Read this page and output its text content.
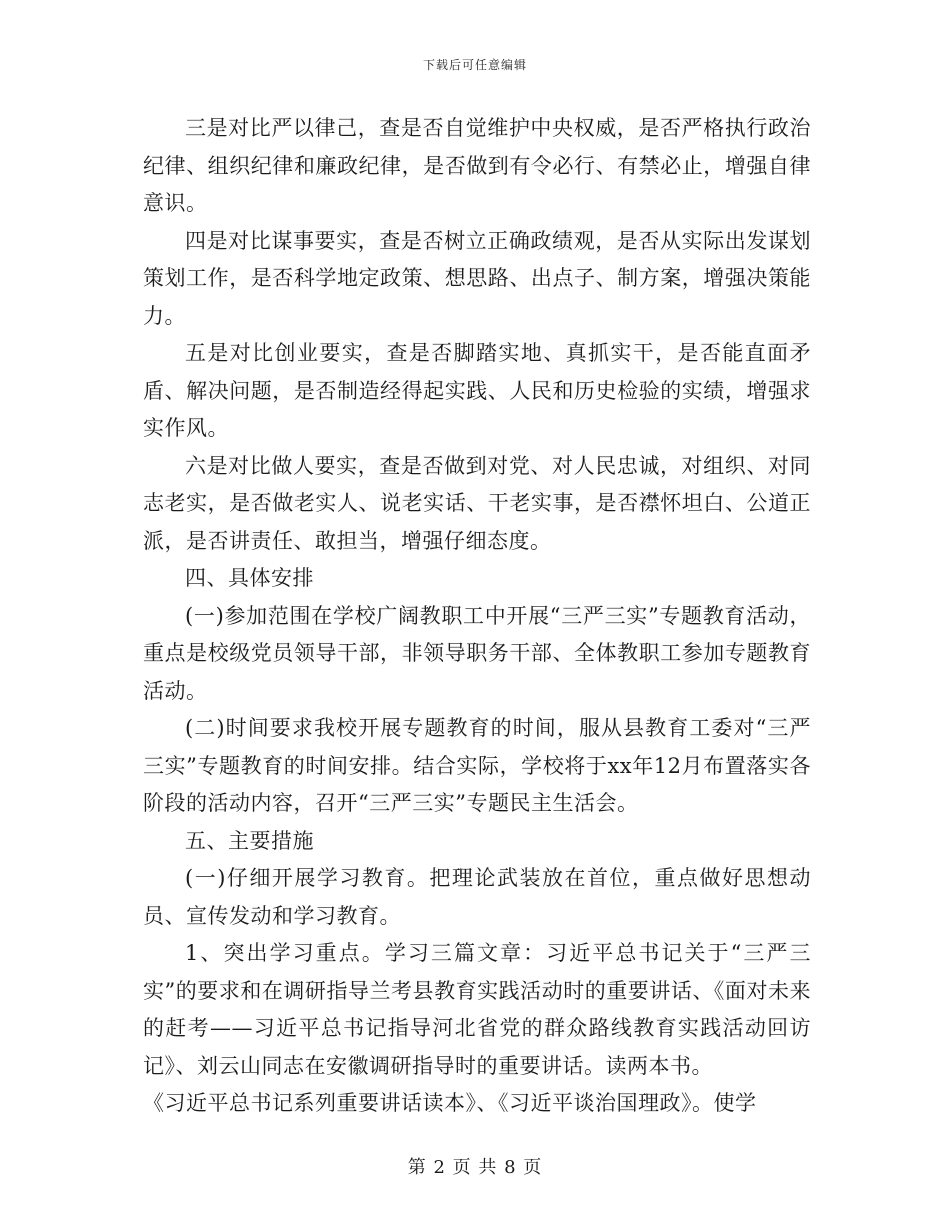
下载后可任意编辑

三是对比严以律己，查是否自觉维护中央权威，是否严格执行政治纪律、组织纪律和廉政纪律，是否做到有令必行、有禁必止，增强自律意识。

四是对比谋事要实，查是否树立正确政绩观，是否从实际出发谋划策划工作，是否科学地定政策、想思路、出点子、制方案，增强决策能力。

五是对比创业要实，查是否脚踏实地、真抓实干，是否能直面矛盾、解决问题，是否制造经得起实践、人民和历史检验的实绩，增强求实作风。

六是对比做人要实，查是否做到对党、对人民忠诚，对组织、对同志老实，是否做老实人、说老实话、干老实事，是否襟怀坦白、公道正派，是否讲责任、敢担当，增强仔细态度。

四、具体安排

(一)参加范围在学校广阔教职工中开展“三严三实”专题教育活动，重点是校级党员领导干部，非领导职务干部、全体教职工参加专题教育活动。

(二)时间要求我校开展专题教育的时间，服从县教育工委对“三严三实”专题教育的时间安排。结合实际，学校将于xx年12月布置落实各阶段的活动内容，召开“三严三实”专题民主生活会。

五、主要措施

(一)仔细开展学习教育。把理论武装放在首位，重点做好思想动员、宣传发动和学习教育。

1、突出学习重点。学习三篇文章：习近平总书记关于“三严三实”的要求和在调研指导兰考县教育实践活动时的重要讲话、《面对未来的赶考——习近平总书记指导河北省党的群众路线教育实践活动回访记》、刘云山同志在安徽调研指导时的重要讲话。读两本书。

《习近平总书记系列重要讲话读本》、《习近平谈治国理政》。使学

第 2 页 共 8 页
